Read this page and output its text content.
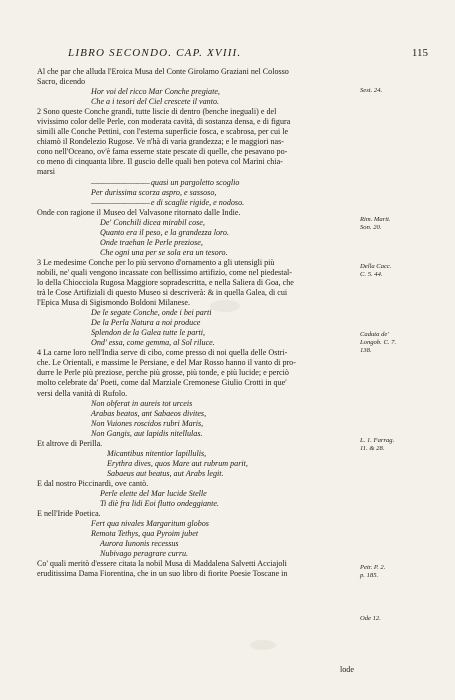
LIBRO SECONDO. CAP. XVIII.	115

Al che par che alluda l'Eroica Musa del Conte Girolamo Graziani nel Colosso
Sacro, dicendo

Hor voi del ricco Mar Conche pregiate,
Che a i tesori del Ciel crescete il vanto.

2 Sono queste Conche grandi, tutte liscie di dentro (benche ineguali) e del
vivissimo color delle Perle, con moderata cavità, di sostanza densa, e di figura
simili alle Conche Pettini, con l'esterna superficie fosca, e scabrosa, per cui le
chiamò il Rondelezio Rugose. Ve n'hà di varia grandezza; e le maggiori nas-
cono nell'Oceano, ov'è fama esserne state pescate di quelle, che pesavano po-
co meno di cinquanta libre. Il guscio delle quali ben poteva col Marini chia-
marsi

——— ——— ——— quasi un pargoletto scoglio
Per durissima scorza aspro, e sassoso,
——— ——— ——— e di scaglie rigide, e nodoso.

Onde con ragione il Museo del Valvasone ritornato dalle Indie.

De' Conchili dicea mirabil cose,
Quanto era il peso, e la grandezza loro.
Onde traehan le Perle preziose,
Che ogni una per se sola era un tesoro.

3 Le medesime Conche per lo più servono d'ornamento a gli utensigli più
nobili, ne' quali vengono incassate con bellissimo artifizio, come nel piedestal-
lo della Chiocciola Rugosa Maggiore sopradescritta, e nella Saliera di Goa, che
trà le Cose Artifiziali di questo Museo si descriverà: & in quella Galea, di cui
l'Epica Musa di Sigismondo Boldoni Milanese.

De le segate Conche, onde i bei parti
De la Perla Natura a noi produce
Splendon de la Galea tutte le parti,
Ond' essa, come gemma, al Sol riluce.

4 La carne loro nell'India serve di cibo, come presso di noi quella delle Ostri-
che. Le Orientali, e massime le Persiane, e del Mar Rosso hanno il vanto di pro-
durre le Perle più preziose, perche più grosse, più tonde, e più lucide; e perciò
molto celebrate da' Poeti, come dal Marziale Cremonese Giulio Crotti in que'
versi della vanità di Rufolo.

Non obferat in aureis tot urceis
Arabas beatos, ant Sabaeos divites,
Non Vuiones roscidos rubri Maris,
Non Gangis, aut lapidis nitellulas.

Et altrove di Perilla.

Micantibus nitentior lapillulis,
Erythra dives, quos Mare aut rubrum parit,
Sabaeus aut beatus, aut Arabs legit.

E dal nostro Piccinardi, ove cantò.

Perle elette del Mar lucide Stelle
Ti diè fra lidi Eoi flutto ondeggiante.

E nell'Iride Poetica.

Fert qua nivales Margaritum globos
Remota Tethys, qua Pyroim jubet
Aurora Iunonis recessus
Nubivago peragrare curru.

Co' quali meritò d'essere citata la nobil Musa di Maddalena Salvetti Acciajoli
eruditissima Dama Fiorentina, che in un suo libro di fiorite Poesie Toscane in

Sest. 24.
Rim. Marit.
Son. 20.
Della Cacc.
C. 5. 44.
Caduta de'
Longob. C. 7.
138.
L. 1. Farrag.
11. & 28.
Petr. P. 2.
p. 185.
Ode 12.
lode
